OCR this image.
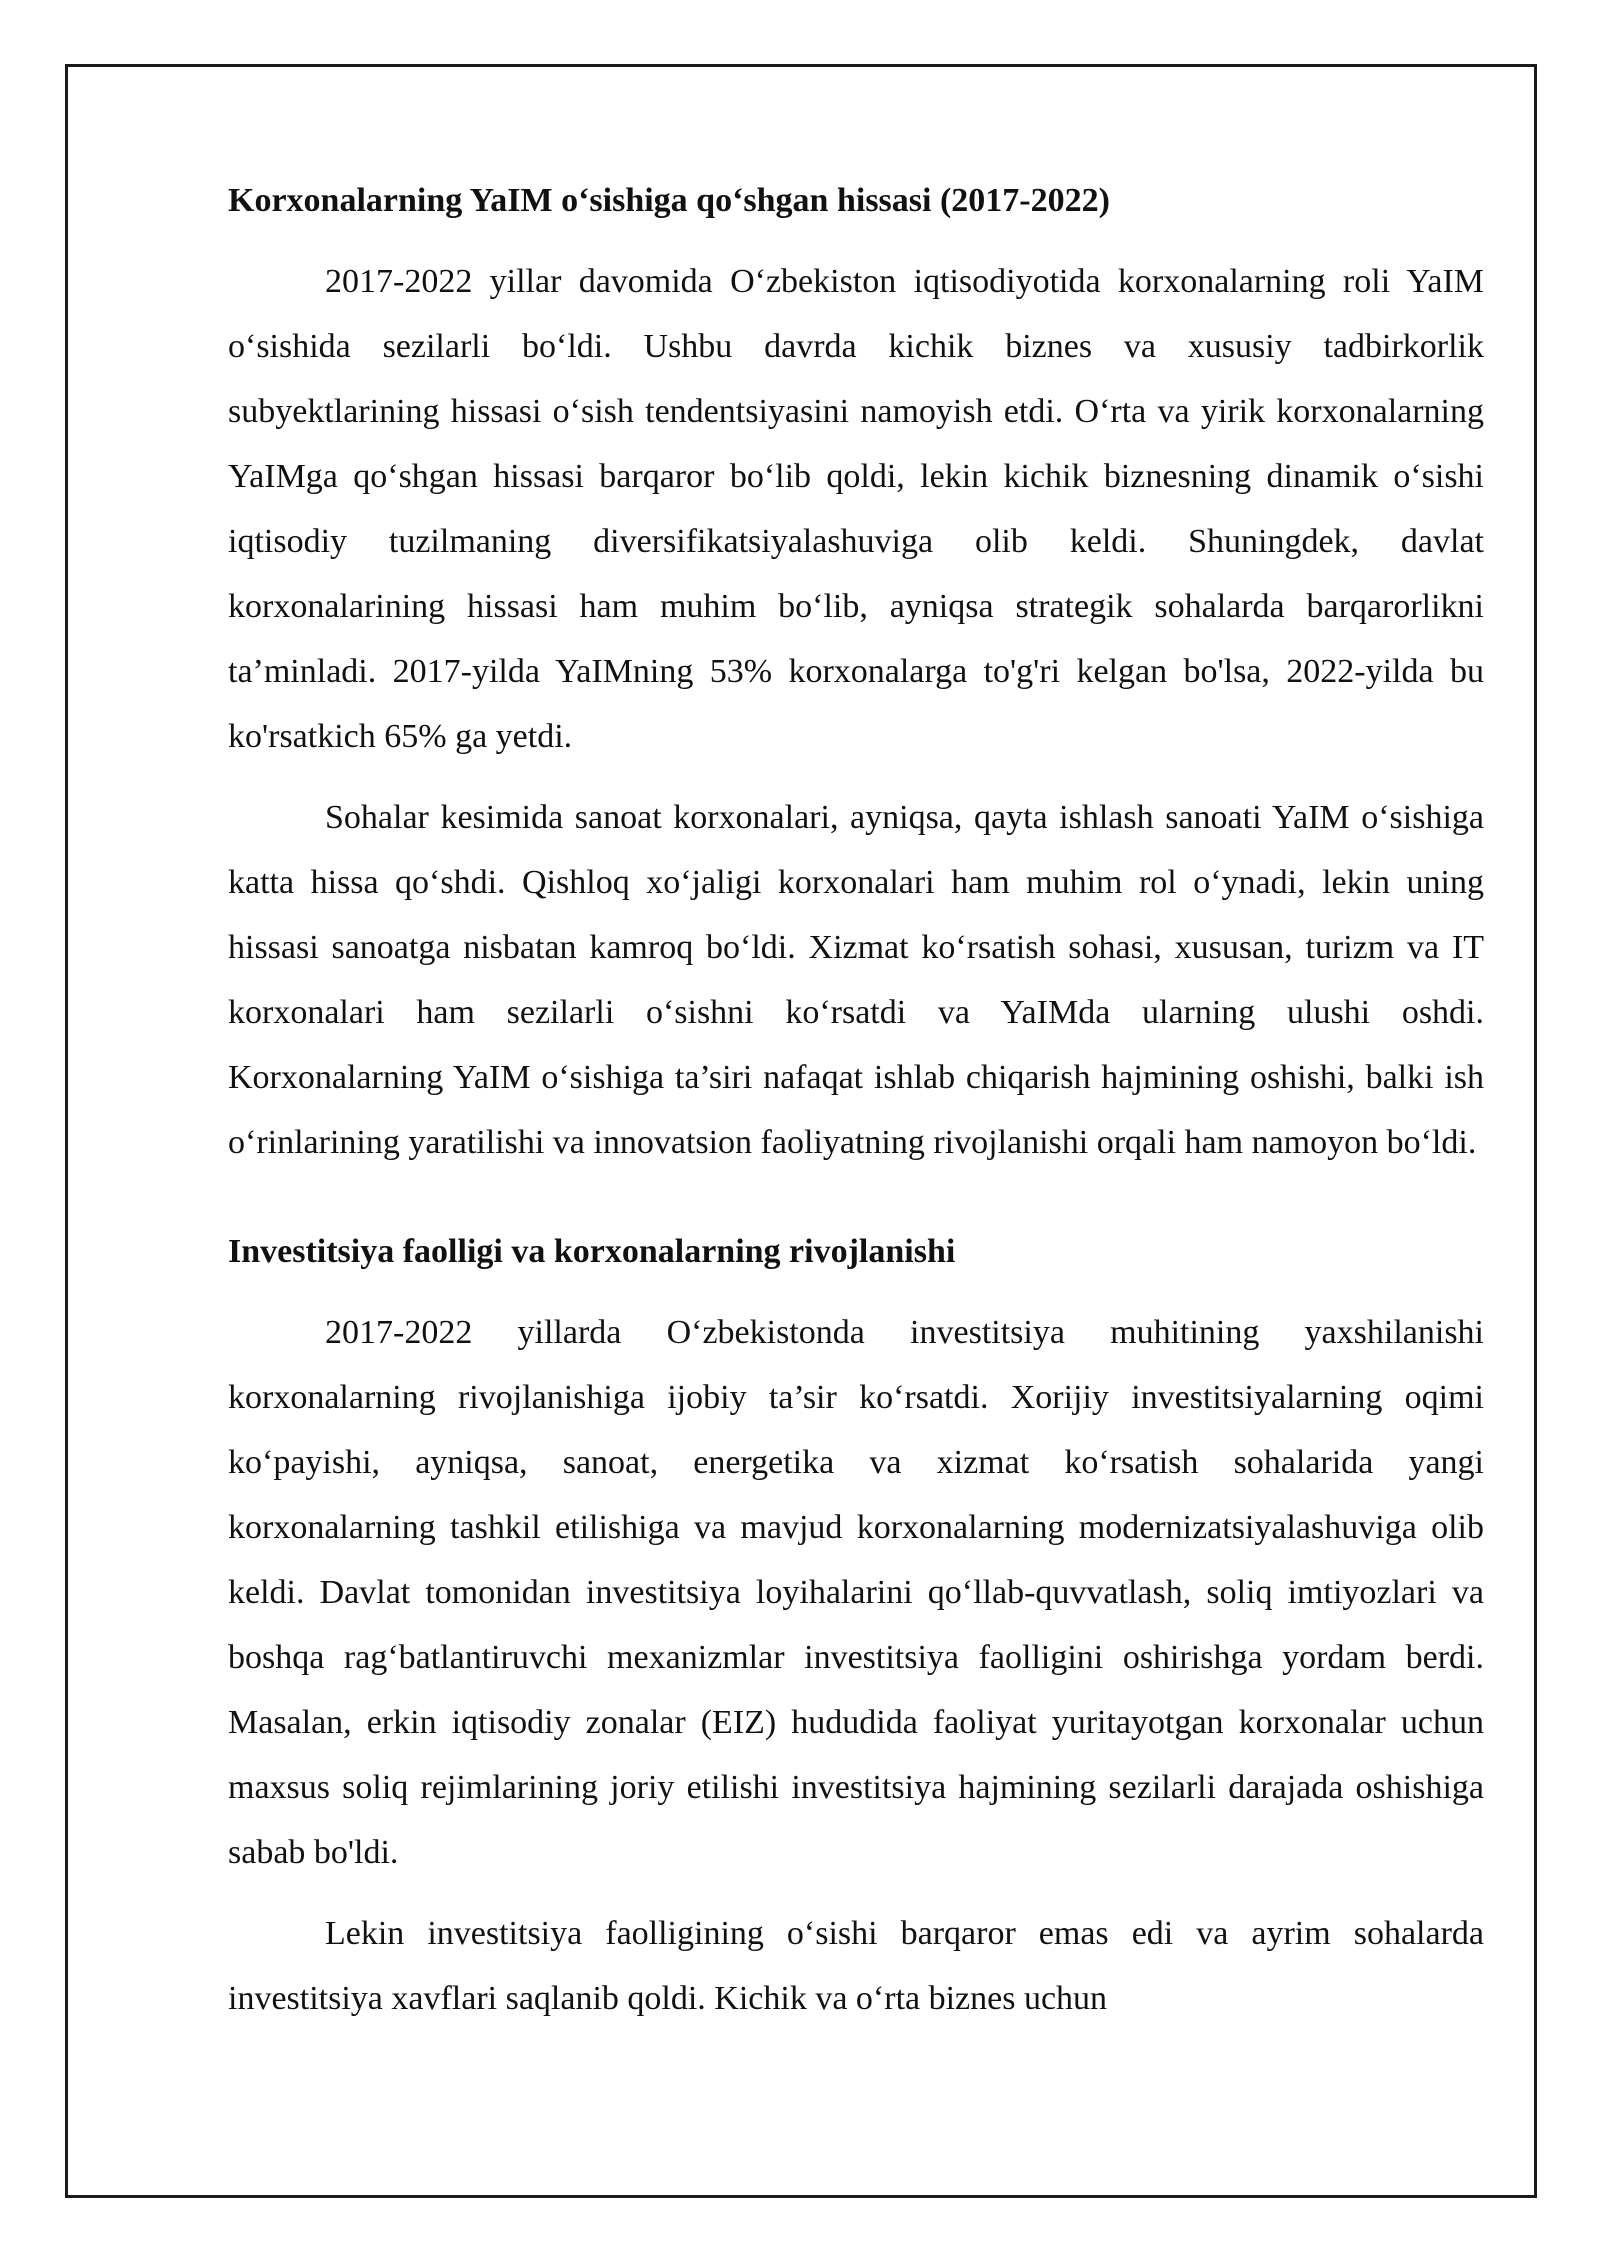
Korxonalarning YaIM o‘sishiga qo‘shgan hissasi (2017-2022)

2017-2022 yillar davomida O‘zbekiston iqtisodiyotida korxonalarning roli YaIM o‘sishida sezilarli bo‘ldi. Ushbu davrda kichik biznes va xususiy tadbirkorlik subyektlarining hissasi o‘sish tendentsiyasini namoyish etdi. O‘rta va yirik korxonalarning YaIMga qo‘shgan hissasi barqaror bo‘lib qoldi, lekin kichik biznesning dinamik o‘sishi iqtisodiy tuzilmaning diversifikatsiyalashuviga olib keldi. Shuningdek, davlat korxonalarining hissasi ham muhim bo‘lib, ayniqsa strategik sohalarda barqarorlikni ta’minladi. 2017-yilda YaIMning 53% korxonalarga to'g'ri kelgan bo'lsa, 2022-yilda bu ko'rsatkich 65% ga yetdi.

Sohalar kesimida sanoat korxonalari, ayniqsa, qayta ishlash sanoati YaIM o‘sishiga katta hissa qo‘shdi. Qishloq xo‘jaligi korxonalari ham muhim rol o‘ynadi, lekin uning hissasi sanoatga nisbatan kamroq bo‘ldi. Xizmat ko‘rsatish sohasi, xususan, turizm va IT korxonalari ham sezilarli o‘sishni ko‘rsatdi va YaIMda ularning ulushi oshdi. Korxonalarning YaIM o‘sishiga ta’siri nafaqat ishlab chiqarish hajmining oshishi, balki ish o‘rinlarining yaratilishi va innovatsion faoliyatning rivojlanishi orqali ham namoyon bo‘ldi.

Investitsiya faolligi va korxonalarning rivojlanishi

2017-2022 yillarda O‘zbekistonda investitsiya muhitining yaxshilanishi korxonalarning rivojlanishiga ijobiy ta’sir ko‘rsatdi. Xorijiy investitsiyalarning oqimi ko‘payishi, ayniqsa, sanoat, energetika va xizmat ko‘rsatish sohalarida yangi korxonalarning tashkil etilishiga va mavjud korxonalarning modernizatsiyalashuviga olib keldi. Davlat tomonidan investitsiya loyihalarini qo‘llab-quvvatlash, soliq imtiyozlari va boshqa rag‘batlantiruvchi mexanizmlar investitsiya faolligini oshirishga yordam berdi. Masalan, erkin iqtisodiy zonalar (EIZ) hududida faoliyat yuritayotgan korxonalar uchun maxsus soliq rejimlarining joriy etilishi investitsiya hajmining sezilarli darajada oshishiga sabab bo'ldi.

Lekin investitsiya faolligining o‘sishi barqaror emas edi va ayrim sohalarda investitsiya xavflari saqlanib qoldi. Kichik va o‘rta biznes uchun
